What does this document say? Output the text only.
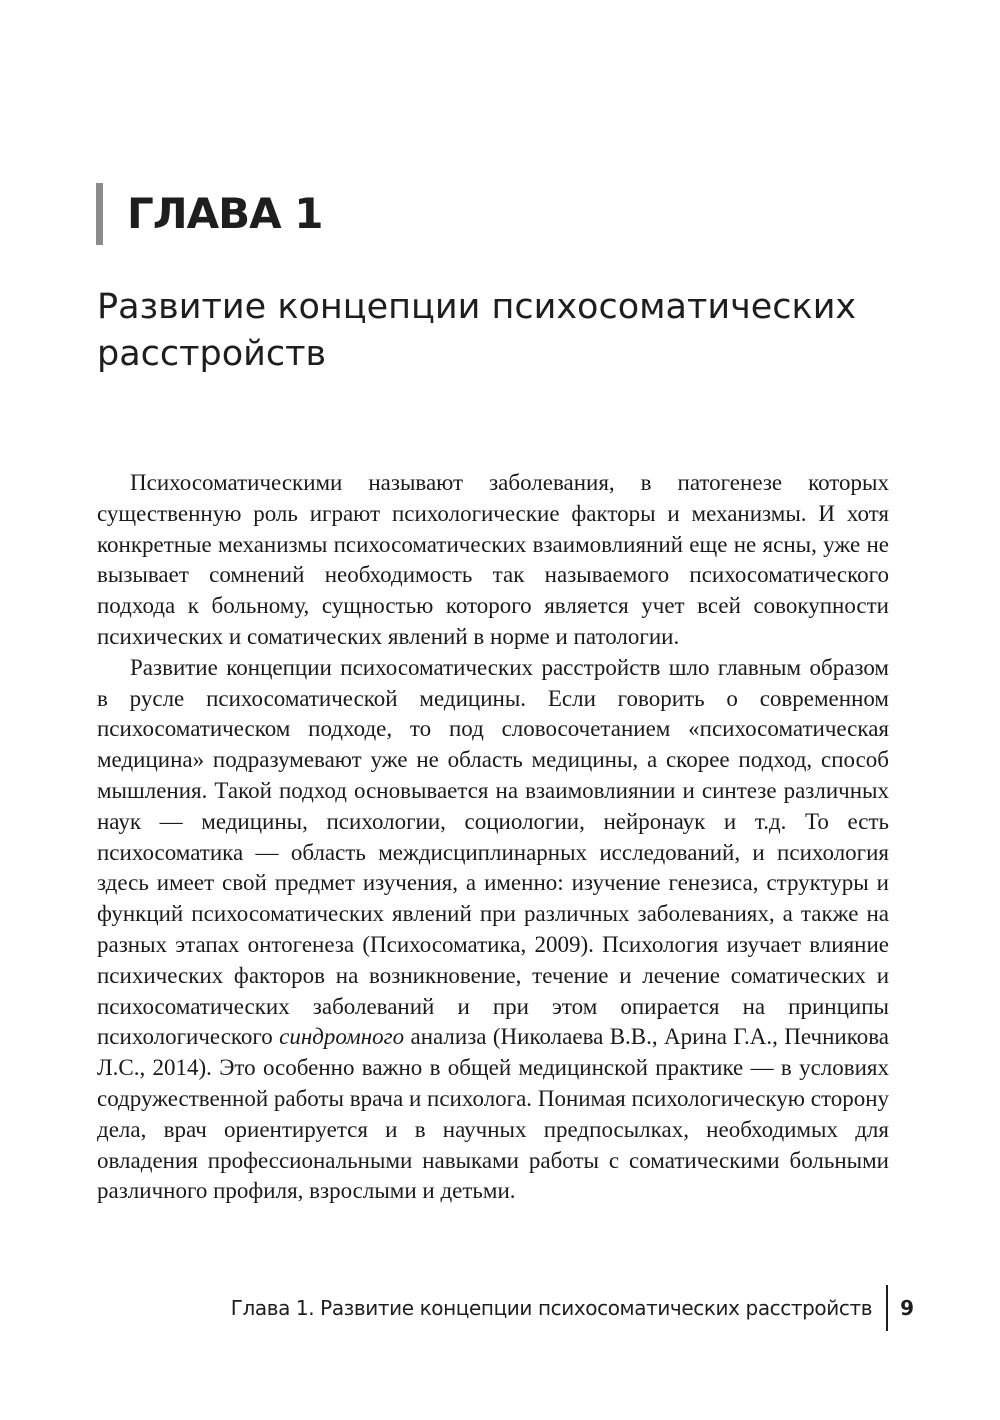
ГЛАВА 1
Развитие концепции психосоматических расстройств

Психосоматическими называют заболевания, в патогенезе которых существенную роль играют психологические факторы и механизмы. И хотя конкретные механизмы психосоматических взаимовлияний еще не ясны, уже не вызывает сомнений необходимость так называемого психосоматического подхода к больному, сущностью которого является учет всей совокупности психических и соматических явлений в норме и патологии.

Развитие концепции психосоматических расстройств шло главным образом в русле психосоматической медицины. Если говорить о современном психосоматическом подходе, то под словосочетанием «психосоматическая медицина» подразумевают уже не область медицины, а скорее подход, способ мышления. Такой подход основывается на взаимовлиянии и синтезе различных наук — медицины, психологии, социологии, нейронаук и т.д. То есть психосоматика — область междисциплинарных исследований, и психология здесь имеет свой предмет изучения, а именно: изучение генезиса, структуры и функций психосоматических явлений при различных заболеваниях, а также на разных этапах онтогенеза (Психосоматика, 2009). Психология изучает влияние психических факторов на возникновение, течение и лечение соматических и психосоматических заболеваний и при этом опирается на принципы психологического синдромного анализа (Николаева В.В., Арина Г.А., Печникова Л.С., 2014). Это особенно важно в общей медицинской практике — в условиях содружественной работы врача и психолога. Понимая психологическую сторону дела, врач ориентируется и в научных предпосылках, необходимых для овладения профессиональными навыками работы с соматическими больными различного профиля, взрослыми и детьми.

Глава 1. Развитие концепции психосоматических расстройств	9
